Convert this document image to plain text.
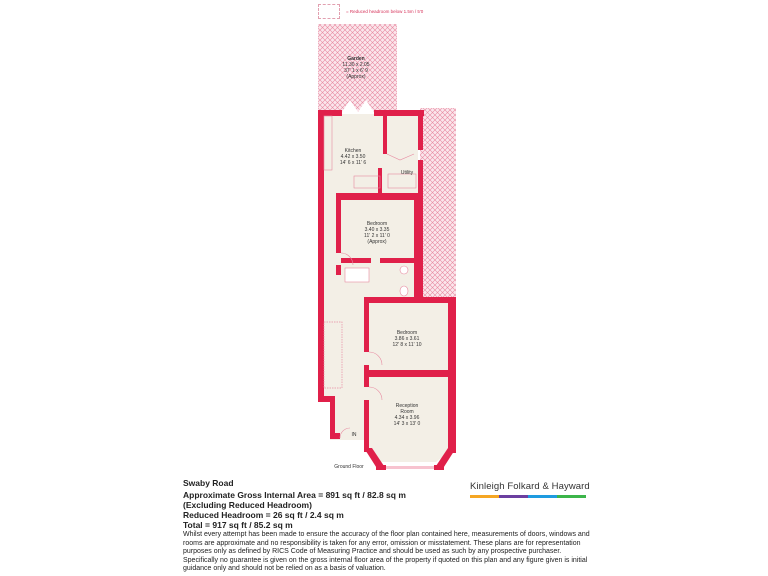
= Reduced headroom below 1.5m / 5'0
Garden
11.30 x 2.05
37' 1 x 6' 9
(Approx)
Kitchen
4.42 x 3.50
14' 6 x 11' 6
Utility
Bedroom
3.40 x 3.35
11' 2 x 11' 0
(Approx)
Bedroom
3.86 x 3.61
12' 8 x 11' 10
Reception
Room
4.34 x 3.96
14' 3 x 13' 0
IN
Ground Floor
Swaby Road
Approximate Gross Internal Area = 891 sq ft / 82.8 sq m
(Excluding Reduced Headroom)
Reduced Headroom = 26 sq ft / 2.4 sq m
Total = 917 sq ft / 85.2 sq m
Whilst every attempt has been made to ensure the accuracy of the floor plan contained here, measurements of doors, windows and rooms are approximate and no responsibility is taken for any error, omission or misstatement. These plans are for representation purposes only as defined by RICS Code of Measuring Practice and should be used as such by any prospective purchaser. Specifically no guarantee is given on the gross internal floor area of the property if quoted on this plan and any figure given is initial guidance only and should not be relied on as a basis of valuation.
Kinleigh Folkard & Hayward
